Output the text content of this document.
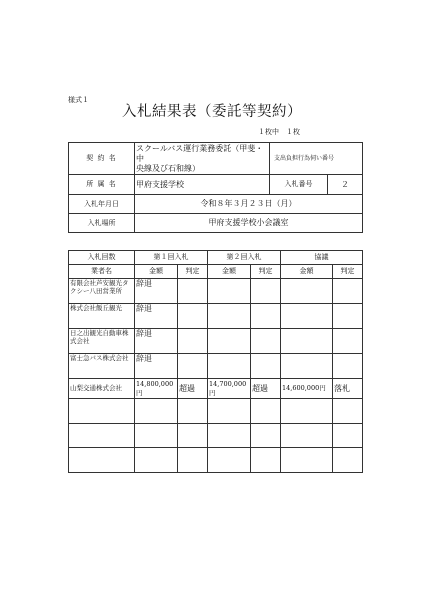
様式１
入札結果表（委託等契約）
１枚中　１枚
契 約 名	スクールバス運行業務委託（甲斐・中
央線及び石和線）	支出負担行為伺い番号	
所 属 名	甲府支援学校	入札番号	２
入札年月日	令和８年３月２３日（月）		
入札場所	甲府支援学校小会議室		
入札回数	第１回入札		第２回入札		協議	
業者名	金額	判定	金額	判定	金額	判定
有限会社芦安観光タクシー八田営業所	辞退					
株式会社飯丘観光	辞退					
日之出観光自動車株式会社	辞退					
富士急バス株式会社	辞退					
山梨交通株式会社	14,800,000円	超過	14,700,000円	超過	14,600,000円	落札
